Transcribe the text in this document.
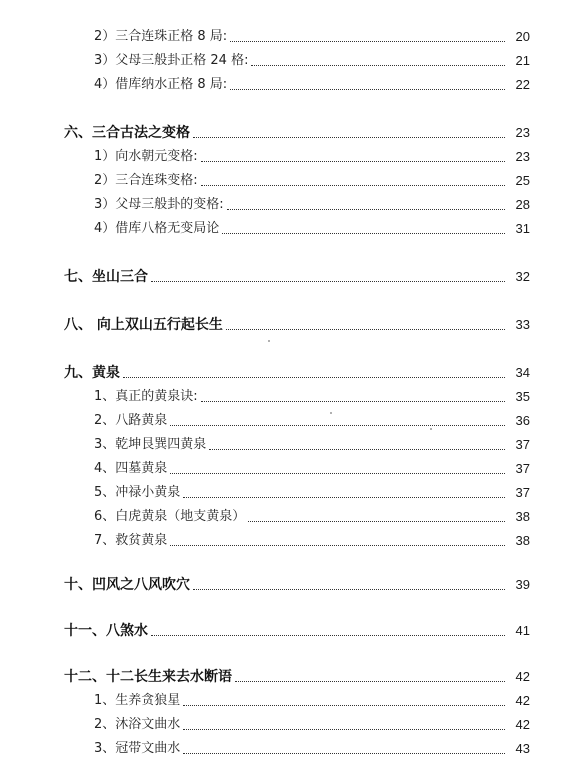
2）三合连珠正格 8 局:	20
3）父母三般卦正格 24 格:	21
4）借库纳水正格 8 局:	22
六、三合古法之变格	23
1）向水朝元变格:	23
2）三合连珠变格:	25
3）父母三般卦的变格:	28
4）借库八格无变局论	31
七、坐山三合	32
八、 向上双山五行起长生	33
九、黄泉	34
1、真正的黄泉诀:	35
2、八路黄泉	36
3、乾坤艮巽四黄泉	37
4、四墓黄泉	37
5、冲禄小黄泉	37
6、白虎黄泉（地支黄泉）	38
7、救贫黄泉	38
十、凹风之八风吹穴	39
十一、八煞水	41
十二、十二长生来去水断语	42
1、生养贪狼星	42
2、沐浴文曲水	42
3、冠带文曲水	43
